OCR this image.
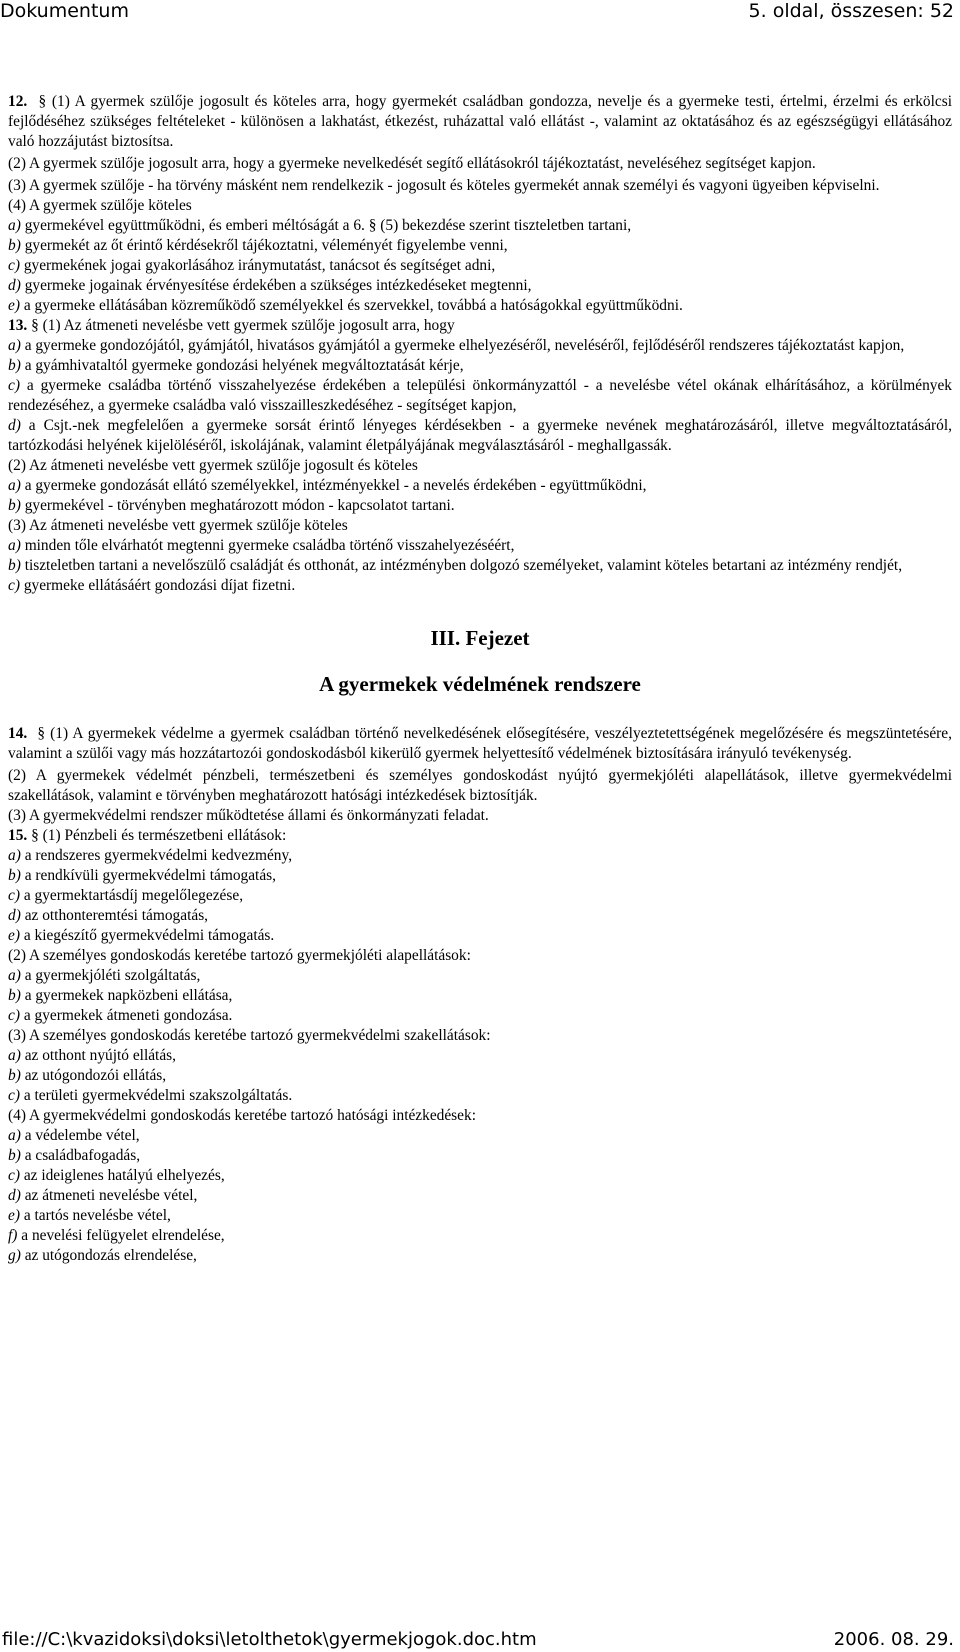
Dokumentum	5. oldal, összesen: 52

12. § (1) A gyermek szülője jogosult és köteles arra, hogy gyermekét családban gondozza, nevelje és a gyermeke testi, értelmi, érzelmi és erkölcsi fejlődéséhez szükséges feltételeket - különösen a lakhatást, étkezést, ruházattal való ellátást -, valamint az oktatásához és az egészségügyi ellátásához való hozzájutást biztosítsa.

(2) A gyermek szülője jogosult arra, hogy a gyermeke nevelkedését segítő ellátásokról tájékoztatást, neveléséhez segítséget kapjon.

(3) A gyermek szülője - ha törvény másként nem rendelkezik - jogosult és köteles gyermekét annak személyi és vagyoni ügyeiben képviselni.

(4) A gyermek szülője köteles

a) gyermekével együttműködni, és emberi méltóságát a 6. § (5) bekezdése szerint tiszteletben tartani,

b) gyermekét az őt érintő kérdésekről tájékoztatni, véleményét figyelembe venni,

c) gyermekének jogai gyakorlásához iránymutatást, tanácsot és segítséget adni,

d) gyermeke jogainak érvényesítése érdekében a szükséges intézkedéseket megtenni,

e) a gyermeke ellátásában közreműködő személyekkel és szervekkel, továbbá a hatóságokkal együttműködni.

13. § (1) Az átmeneti nevelésbe vett gyermek szülője jogosult arra, hogy

a) a gyermeke gondozójától, gyámjától, hivatásos gyámjától a gyermeke elhelyezéséről, neveléséről, fejlődéséről rendszeres tájékoztatást kapjon,

b) a gyámhivataltól gyermeke gondozási helyének megváltoztatását kérje,

c) a gyermeke családba történő visszahelyezése érdekében a települési önkormányzattól - a nevelésbe vétel okának elhárításához, a körülmények rendezéséhez, a gyermeke családba való visszailleszkedéséhez - segítséget kapjon,

d) a Csjt.-nek megfelelően a gyermeke sorsát érintő lényeges kérdésekben - a gyermeke nevének meghatározásáról, illetve megváltoztatásáról, tartózkodási helyének kijelöléséről, iskolájának, valamint életpályájának megválasztásáról - meghallgassák.

(2) Az átmeneti nevelésbe vett gyermek szülője jogosult és köteles

a) a gyermeke gondozását ellátó személyekkel, intézményekkel - a nevelés érdekében - együttműködni,

b) gyermekével - törvényben meghatározott módon - kapcsolatot tartani.

(3) Az átmeneti nevelésbe vett gyermek szülője köteles

a) minden tőle elvárhatót megtenni gyermeke családba történő visszahelyezéséért,

b) tiszteletben tartani a nevelőszülő családját és otthonát, az intézményben dolgozó személyeket, valamint köteles betartani az intézmény rendjét,

c) gyermeke ellátásáért gondozási díjat fizetni.

III. Fejezet
A gyermekek védelmének rendszere

14. § (1) A gyermekek védelme a gyermek családban történő nevelkedésének elősegítésére, veszélyeztetettségének megelőzésére és megszüntetésére, valamint a szülői vagy más hozzátartozói gondoskodásból kikerülő gyermek helyettesítő védelmének biztosítására irányuló tevékenység.

(2) A gyermekek védelmét pénzbeli, természetbeni és személyes gondoskodást nyújtó gyermekjóléti alapellátások, illetve gyermekvédelmi szakellátások, valamint e törvényben meghatározott hatósági intézkedések biztosítják.

(3) A gyermekvédelmi rendszer működtetése állami és önkormányzati feladat.

15. § (1) Pénzbeli és természetbeni ellátások:

a) a rendszeres gyermekvédelmi kedvezmény,

b) a rendkívüli gyermekvédelmi támogatás,

c) a gyermektartásdíj megelőlegezése,

d) az otthonteremtési támogatás,

e) a kiegészítő gyermekvédelmi támogatás.

(2) A személyes gondoskodás keretébe tartozó gyermekjóléti alapellátások:

a) a gyermekjóléti szolgáltatás,

b) a gyermekek napközbeni ellátása,

c) a gyermekek átmeneti gondozása.

(3) A személyes gondoskodás keretébe tartozó gyermekvédelmi szakellátások:

a) az otthont nyújtó ellátás,

b) az utógondozói ellátás,

c) a területi gyermekvédelmi szakszolgáltatás.

(4) A gyermekvédelmi gondoskodás keretébe tartozó hatósági intézkedések:

a) a védelembe vétel,

b) a családbafogadás,

c) az ideiglenes hatályú elhelyezés,

d) az átmeneti nevelésbe vétel,

e) a tartós nevelésbe vétel,

f) a nevelési felügyelet elrendelése,

g) az utógondozás elrendelése,

file://C:\kvazidoksi\doksi\letolthetok\gyermekjogok.doc.htm	2006. 08. 29.
